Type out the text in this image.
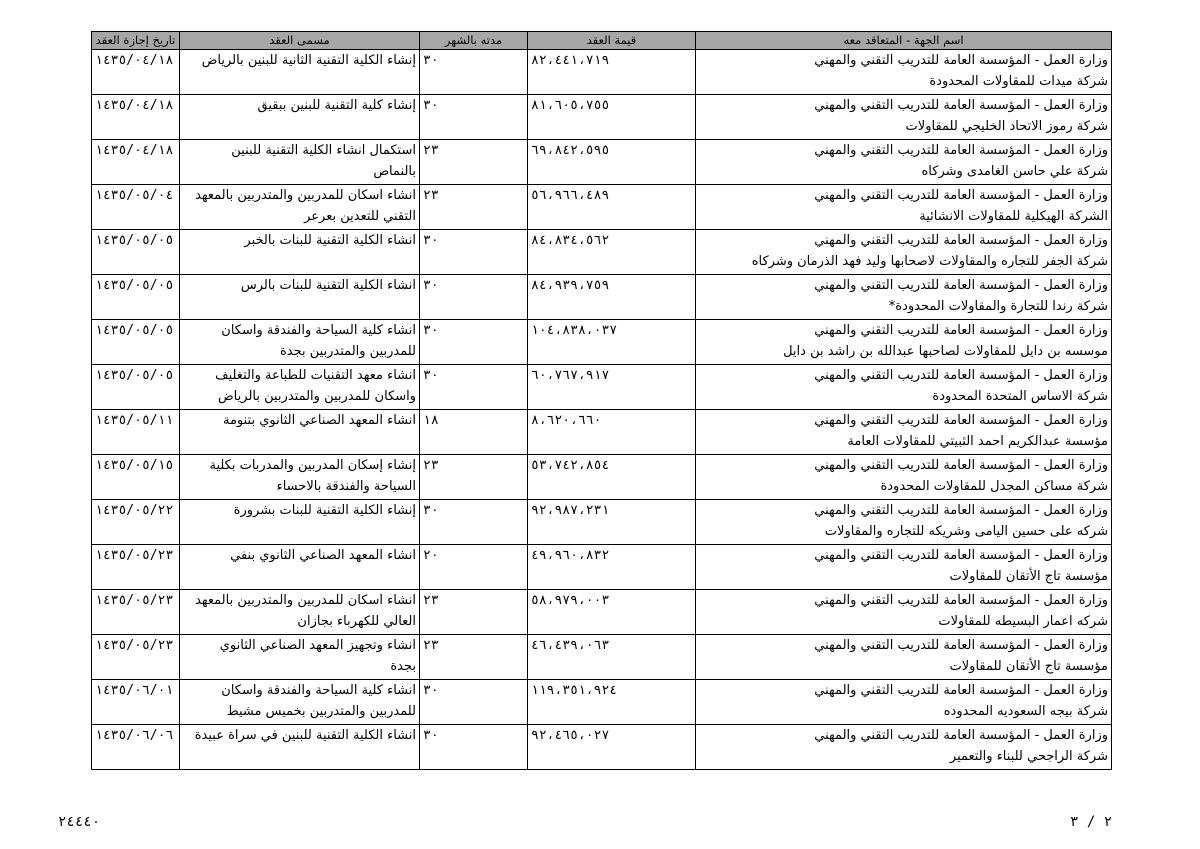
اسم الجهة - المتعاقد معه	قيمة العقد	مدته بالشهر	مسمى العقد	تاريخ إجازة العقد

وزارة العمل - المؤسسة العامة للتدريب التقني والمهني
شركة ميدات للمقاولات المحدودة	٨٢،٤٤١،٧١٩	٣٠	إنشاء الكلية التقنية الثانية للبنين بالرياض	١٤٣٥/٠٤/١٨

وزارة العمل - المؤسسة العامة للتدريب التقني والمهني
شركة رموز الاتحاد الخليجي للمقاولات	٨١،٦٠٥،٧٥٥	٣٠	إنشاء كلية التقنية للبنين ببقيق	١٤٣٥/٠٤/١٨

وزارة العمل - المؤسسة العامة للتدريب التقني والمهني
شركة علي حاسن الغامدى وشركاه	٦٩،٨٤٢،٥٩٥	٢٣	استكمال انشاء الكلية التقنية للبنين
بالنماص	١٤٣٥/٠٤/١٨

وزارة العمل - المؤسسة العامة للتدريب التقني والمهني
الشركة الهيكلية للمقاولات الانشائية	٥٦،٩٦٦،٤٨٩	٢٣	انشاء اسكان للمدربين والمتدربين بالمعهد
التقني للتعدين بعرعر	١٤٣٥/٠٥/٠٤

وزارة العمل - المؤسسة العامة للتدريب التقني والمهني
شركة الجفر للتجاره والمقاولات لاصحابها وليد فهد الذرمان وشركاه	٨٤،٨٣٤،٥٦٢	٣٠	انشاء الكلية التقنية للبنات بالخبر	١٤٣٥/٠٥/٠٥

وزارة العمل - المؤسسة العامة للتدريب التقني والمهني
شركة رندا للتجارة والمقاولات المحدودة*	٨٤،٩٣٩،٧٥٩	٣٠	انشاء الكلية التقنية للبنات بالرس	١٤٣٥/٠٥/٠٥

وزارة العمل - المؤسسة العامة للتدريب التقني والمهني
موسسه بن دايل للمقاولات لصاحبها عبدالله بن راشد بن دايل	١٠٤،٨٣٨،٠٣٧	٣٠	انشاء كلية السياحة والفندقة واسكان
للمدربين والمتدربين بجدة	١٤٣٥/٠٥/٠٥

وزارة العمل - المؤسسة العامة للتدريب التقني والمهني
شركة الاساس المتحدة المحدودة	٦٠،٧٦٧،٩١٧	٣٠	انشاء معهد التقنيات للطباعة والتغليف
واسكان للمدربين والمتدربين بالرياض	١٤٣٥/٠٥/٠٥

وزارة العمل - المؤسسة العامة للتدريب التقني والمهني
مؤسسة عبدالكريم احمد الثبيتي للمقاولات العامة	٨،٦٢٠،٦٦٠	١٨	انشاء المعهد الصناعي الثانوي بتنومة	١٤٣٥/٠٥/١١

وزارة العمل - المؤسسة العامة للتدريب التقني والمهني
شركة مساكن المجدل للمقاولات المحدودة	٥٣،٧٤٢،٨٥٤	٢٣	إنشاء إسكان المدربين والمدربات بكلية
السياحة والفندقة بالاحساء	١٤٣٥/٠٥/١٥

وزارة العمل - المؤسسة العامة للتدريب التقني والمهني
شركه على حسين اليامى وشريكه للتجاره والمقاولات	٩٢،٩٨٧،٢٣١	٣٠	إنشاء الكلية التقنية للبنات بشرورة	١٤٣٥/٠٥/٢٢

وزارة العمل - المؤسسة العامة للتدريب التقني والمهني
مؤسسة تاج الأتقان للمقاولات	٤٩،٩٦٠،٨٣٢	٢٠	انشاء المعهد الصناعي الثانوي بنفي	١٤٣٥/٠٥/٢٣

وزارة العمل - المؤسسة العامة للتدريب التقني والمهني
شركه اعمار البسيطه للمقاولات	٥٨،٩٧٩،٠٠٣	٢٣	انشاء اسكان للمدربين والمتدربين بالمعهد
العالي للكهرباء بجازان	١٤٣٥/٠٥/٢٣

وزارة العمل - المؤسسة العامة للتدريب التقني والمهني
مؤسسة تاج الأتقان للمقاولات	٤٦،٤٣٩،٠٦٣	٢٣	انشاء وتجهيز المعهد الصناعي الثانوي
بجدة	١٤٣٥/٠٥/٢٣

وزارة العمل - المؤسسة العامة للتدريب التقني والمهني
شركة بيجه السعوديه المحدوده	١١٩،٣٥١،٩٢٤	٣٠	انشاء كلية السياحة والفندقة واسكان
للمدربين والمتدربين بخميس مشيط	١٤٣٥/٠٦/٠١

وزارة العمل - المؤسسة العامة للتدريب التقني والمهني
شركة الراجحي للبناء والتعمير	٩٢،٤٦٥،٠٢٧	٣٠	انشاء الكلية التقنية للبنين في سراة عبيدة	١٤٣٥/٠٦/٠٦
٢٤٤٤٠	٢ / ٣
